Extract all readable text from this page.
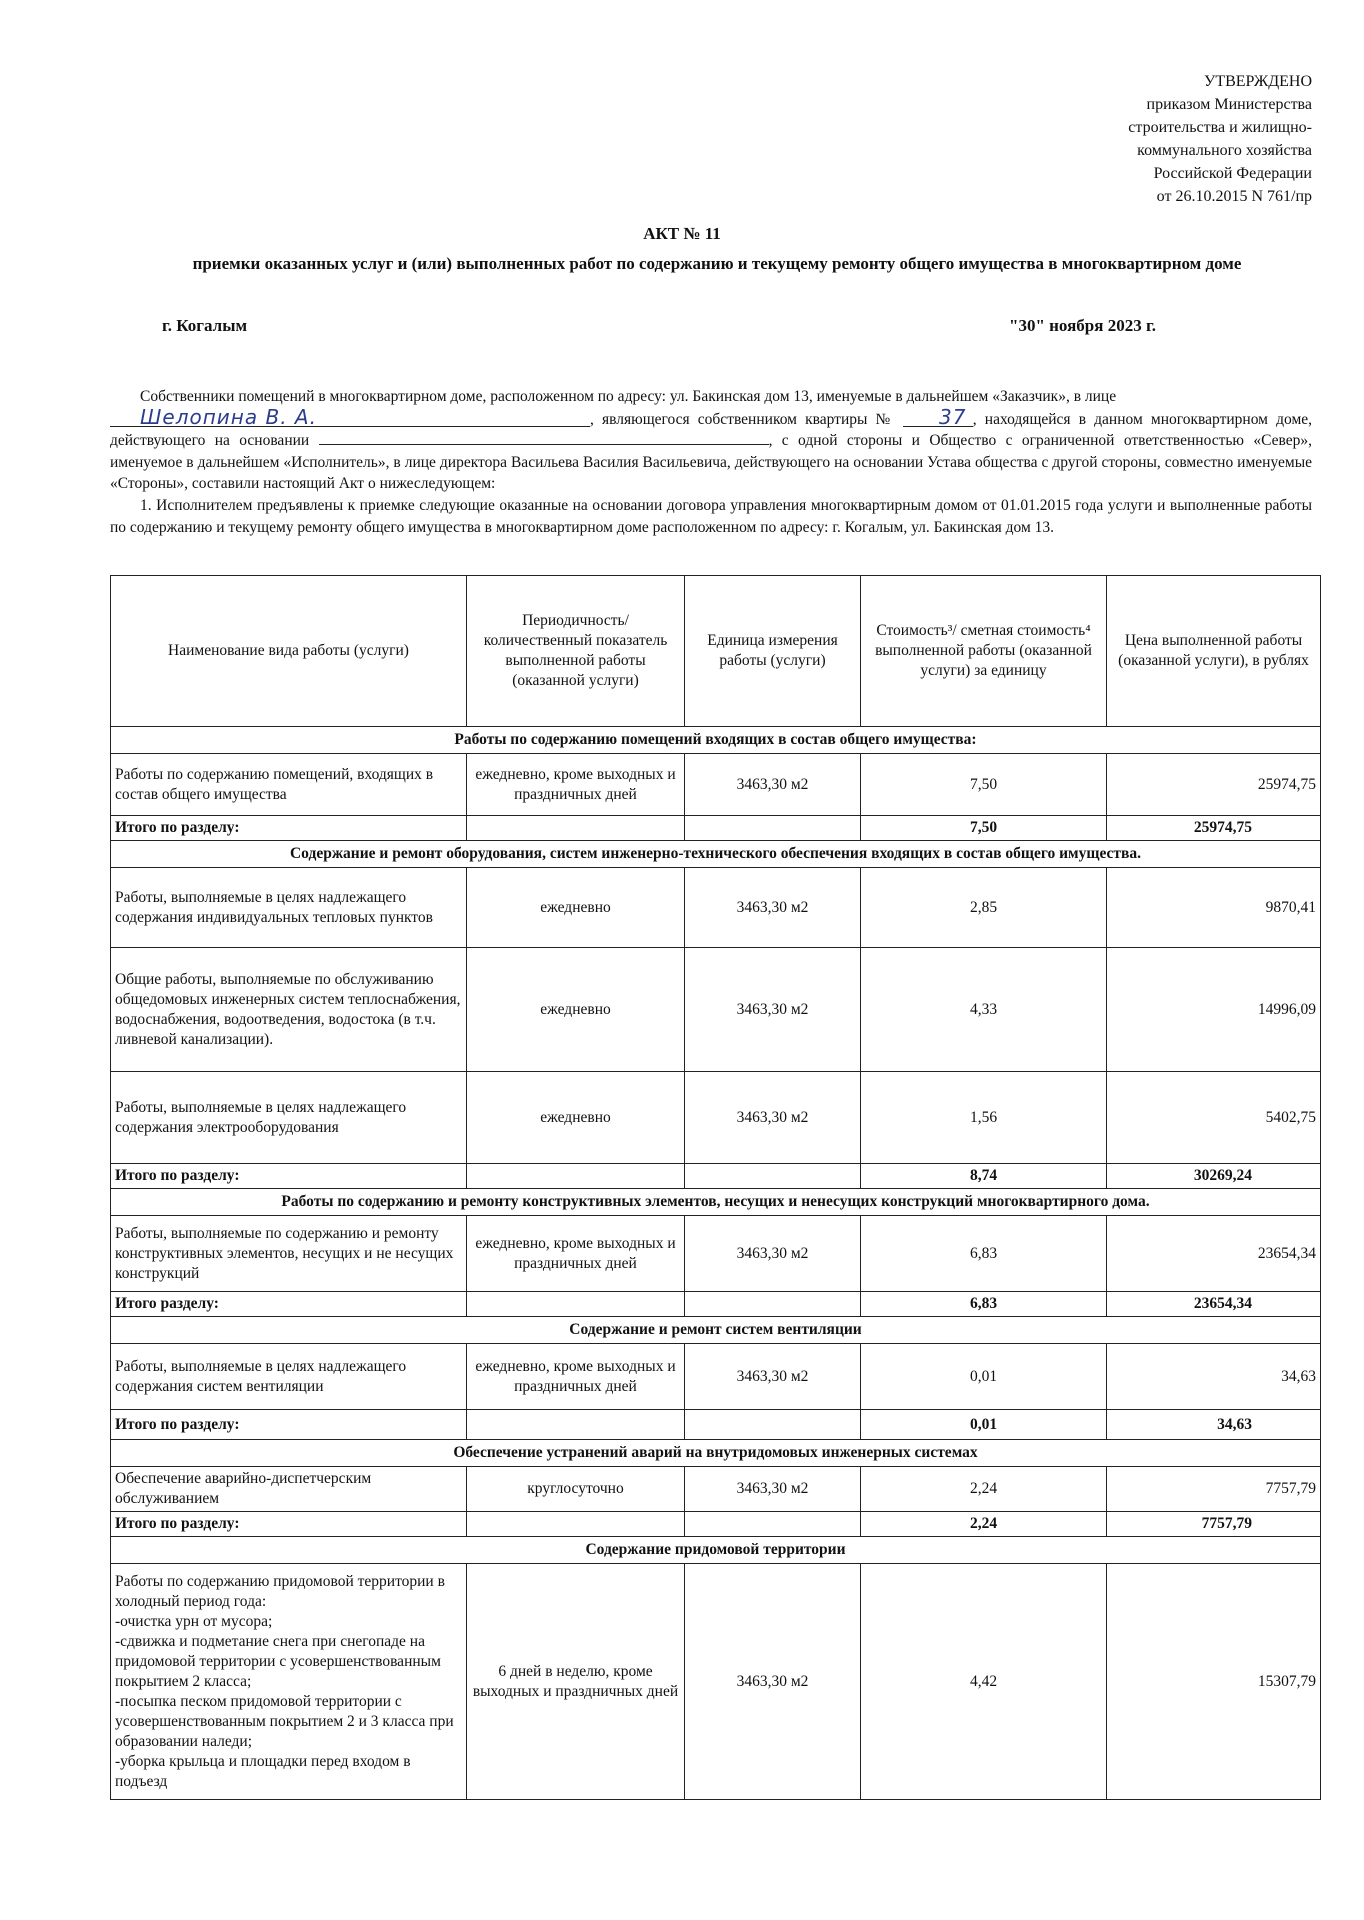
УТВЕРЖДЕНО
приказом Министерства
строительства и жилищно-
коммунального хозяйства
Российской Федерации
от 26.10.2015 N 761/пр
АКТ № 11
приемки оказанных услуг и (или) выполненных работ по содержанию и текущему ремонту общего имущества в многоквартирном доме
г. Когалым	"30" ноября 2023 г.

Собственники помещений в многоквартирном доме, расположенном по адресу: ул. Бакинская дом 13, именуемые в дальнейшем «Заказчик», в лице
Шелопина В. А.	, являющегося собственником квартиры № 37 , находящейся в данном многоквартирном доме, действующего на основании	, с одной стороны и Общество с ограниченной ответственностью «Север», именуемое в дальнейшем «Исполнитель», в лице директора Васильева Василия Васильевича, действующего на основании Устава общества с другой стороны, совместно именуемые «Стороны», составили настоящий Акт о нижеследующем:

1. Исполнителем предъявлены к приемке следующие оказанные на основании договора управления многоквартирным домом от 01.01.2015 года услуги и выполненные работы по содержанию и текущему ремонту общего имущества в многоквартирном доме расположенном по адресу: г. Когалым, ул. Бакинская дом 13.

Наименование вида работы (услуги)	Периодичность/ количественный показатель выполненной работы (оказанной услуги)	Единица измерения работы (услуги)	Стоимость³/ сметная стоимость⁴ выполненной работы (оказанной услуги) за единицу	Цена выполненной работы (оказанной услуги), в рублях
Работы по содержанию помещений входящих в состав общего имущества:				
Работы по содержанию помещений, входящих в состав общего имущества	ежедневно, кроме выходных и праздничных дней	3463,30 м2	7,50	25974,75
Итого по разделу:			7,50	25974,75
Содержание и ремонт оборудования, систем инженерно-технического обеспечения входящих в состав общего имущества.				
Работы, выполняемые в целях надлежащего содержания индивидуальных тепловых пунктов	ежедневно	3463,30 м2	2,85	9870,41
Общие работы, выполняемые по обслуживанию общедомовых инженерных систем теплоснабжения, водоснабжения, водоотведения, водостока (в т.ч. ливневой канализации).	ежедневно	3463,30 м2	4,33	14996,09
Работы, выполняемые в целях надлежащего содержания электрооборудования	ежедневно	3463,30 м2	1,56	5402,75
Итого по разделу:			8,74	30269,24
Работы по содержанию и ремонту конструктивных элементов, несущих и ненесущих конструкций многоквартирного дома.				
Работы, выполняемые по содержанию и ремонту конструктивных элементов, несущих и не несущих конструкций	ежедневно, кроме выходных и праздничных дней	3463,30 м2	6,83	23654,34
Итого разделу:			6,83	23654,34
Содержание и ремонт систем вентиляции				
Работы, выполняемые в целях надлежащего содержания систем вентиляции	ежедневно, кроме выходных и праздничных дней	3463,30 м2	0,01	34,63
Итого по разделу:			0,01	34,63
Обеспечение устранений аварий на внутридомовых инженерных системах				
Обеспечение аварийно-диспетчерским обслуживанием	круглосуточно	3463,30 м2	2,24	7757,79
Итого по разделу:			2,24	7757,79
Содержание придомовой территории				
Работы по содержанию придомовой территории в холодный период года:
-очистка урн от мусора;
-сдвижка и подметание снега при снегопаде на придомовой территории с усовершенствованным покрытием 2 класса;
-посыпка песком придомовой территории с усовершенствованным покрытием 2 и 3 класса при образовании наледи;
-уборка крыльца и площадки перед входом в подъезд	6 дней в неделю, кроме выходных и праздничных дней	3463,30 м2	4,42	15307,79
